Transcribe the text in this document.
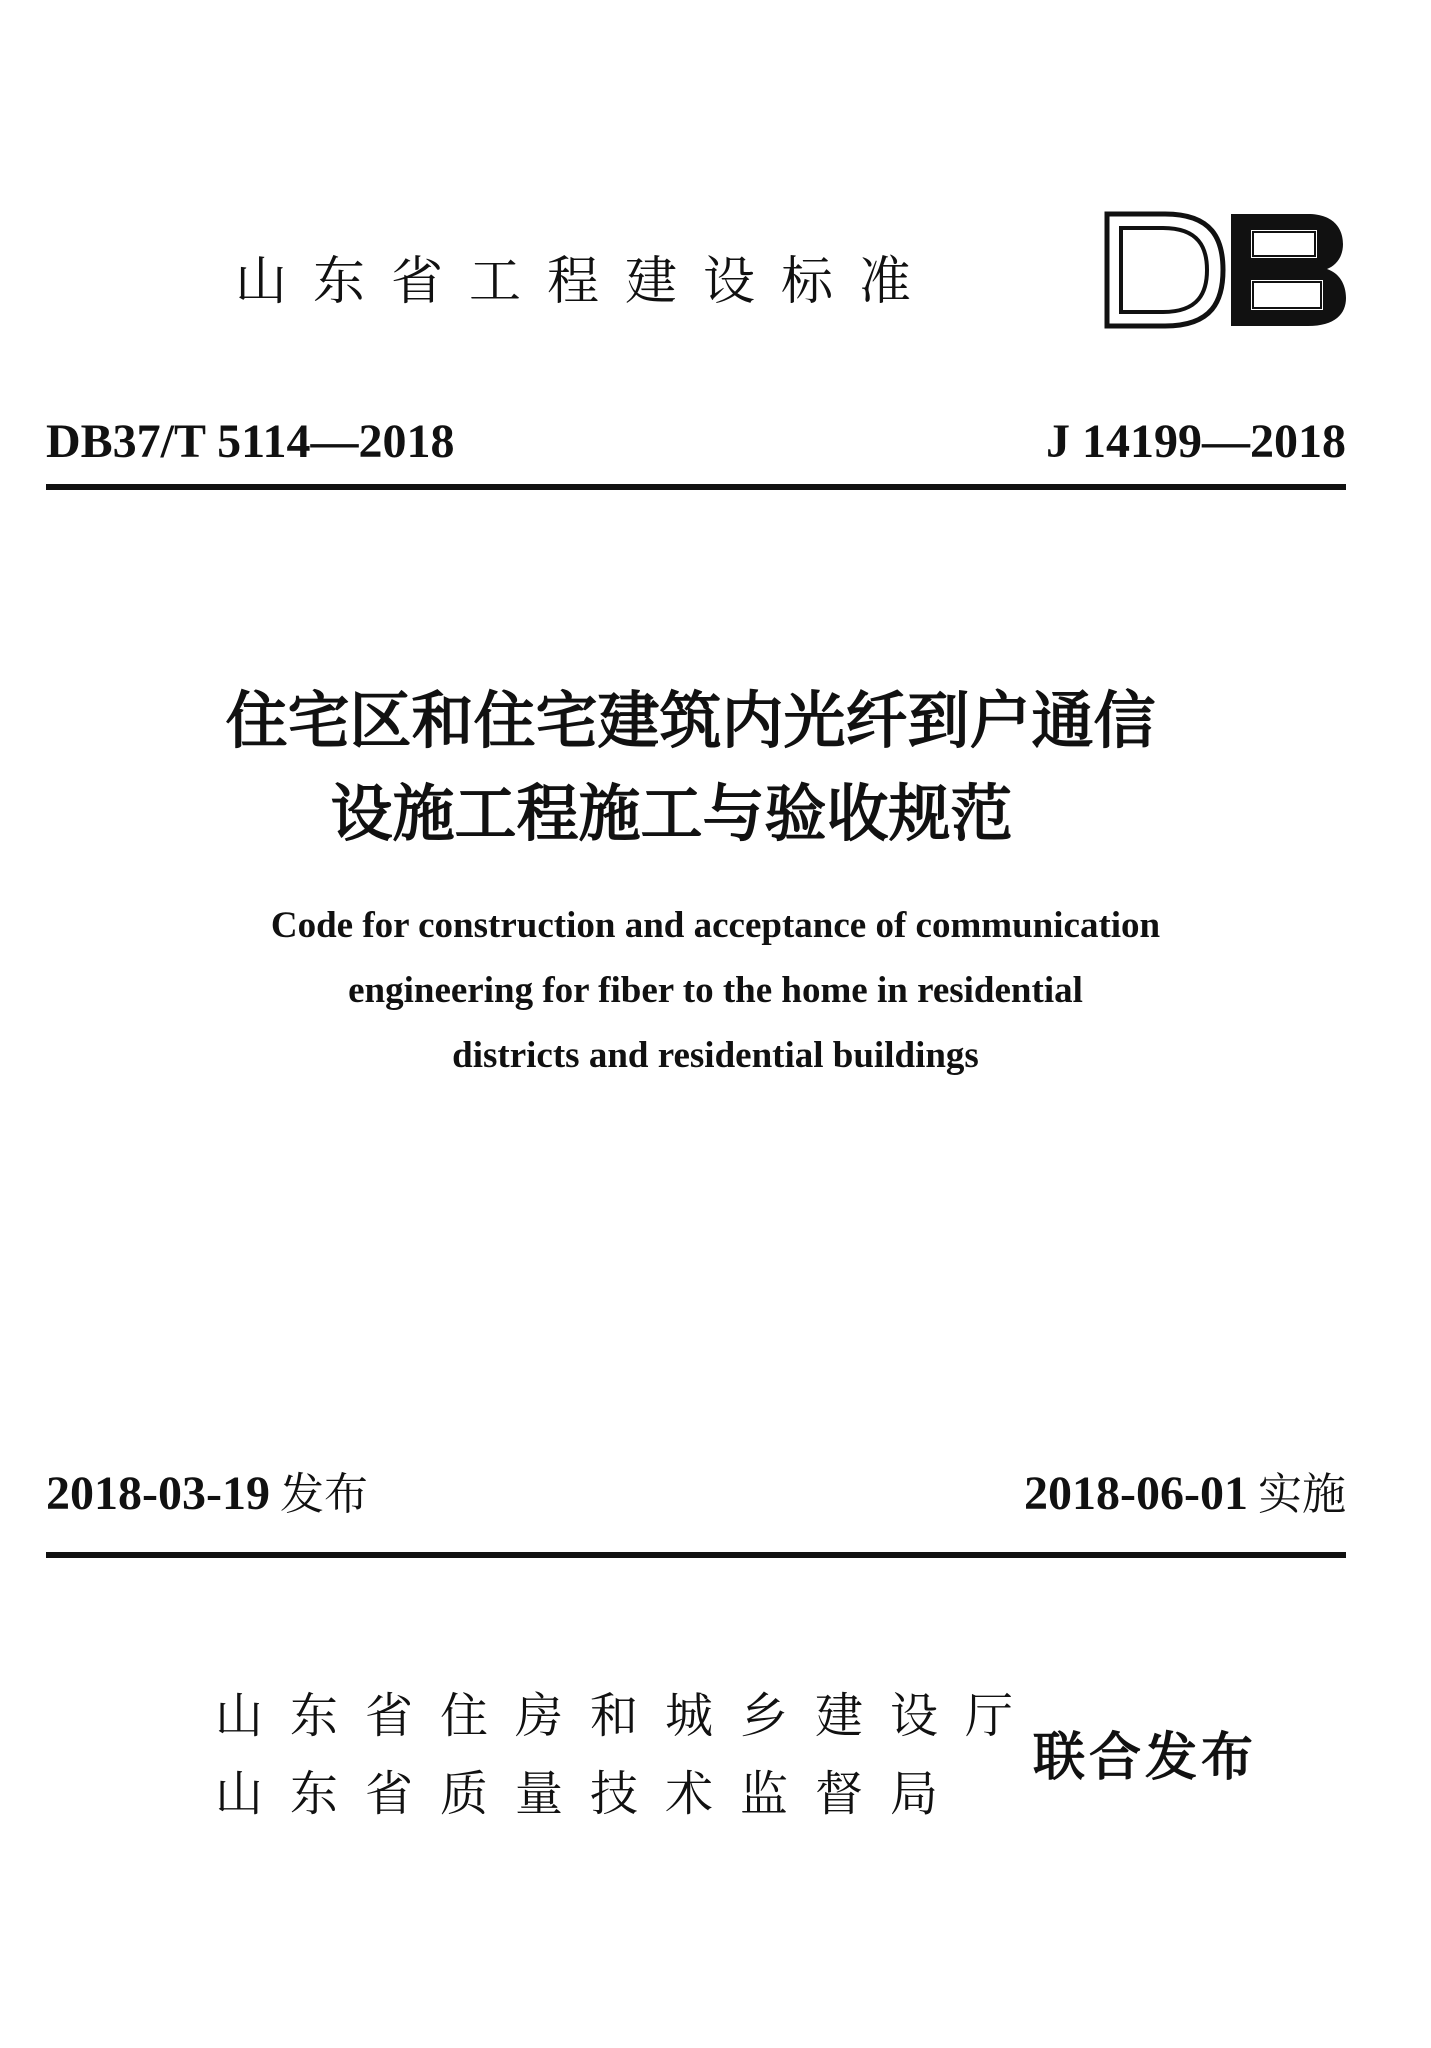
山东省工程建设标准
DB37/T 5114—2018	J 14199—2018
住宅区和住宅建筑内光纤到户通信
设施工程施工与验收规范
Code for construction and acceptance of communication
engineering for fiber to the home in residential
districts and residential buildings
2018-03-19 发布	2018-06-01 实施
山东省住房和城乡建设厅
山东省质量技术监督局
联合发布
